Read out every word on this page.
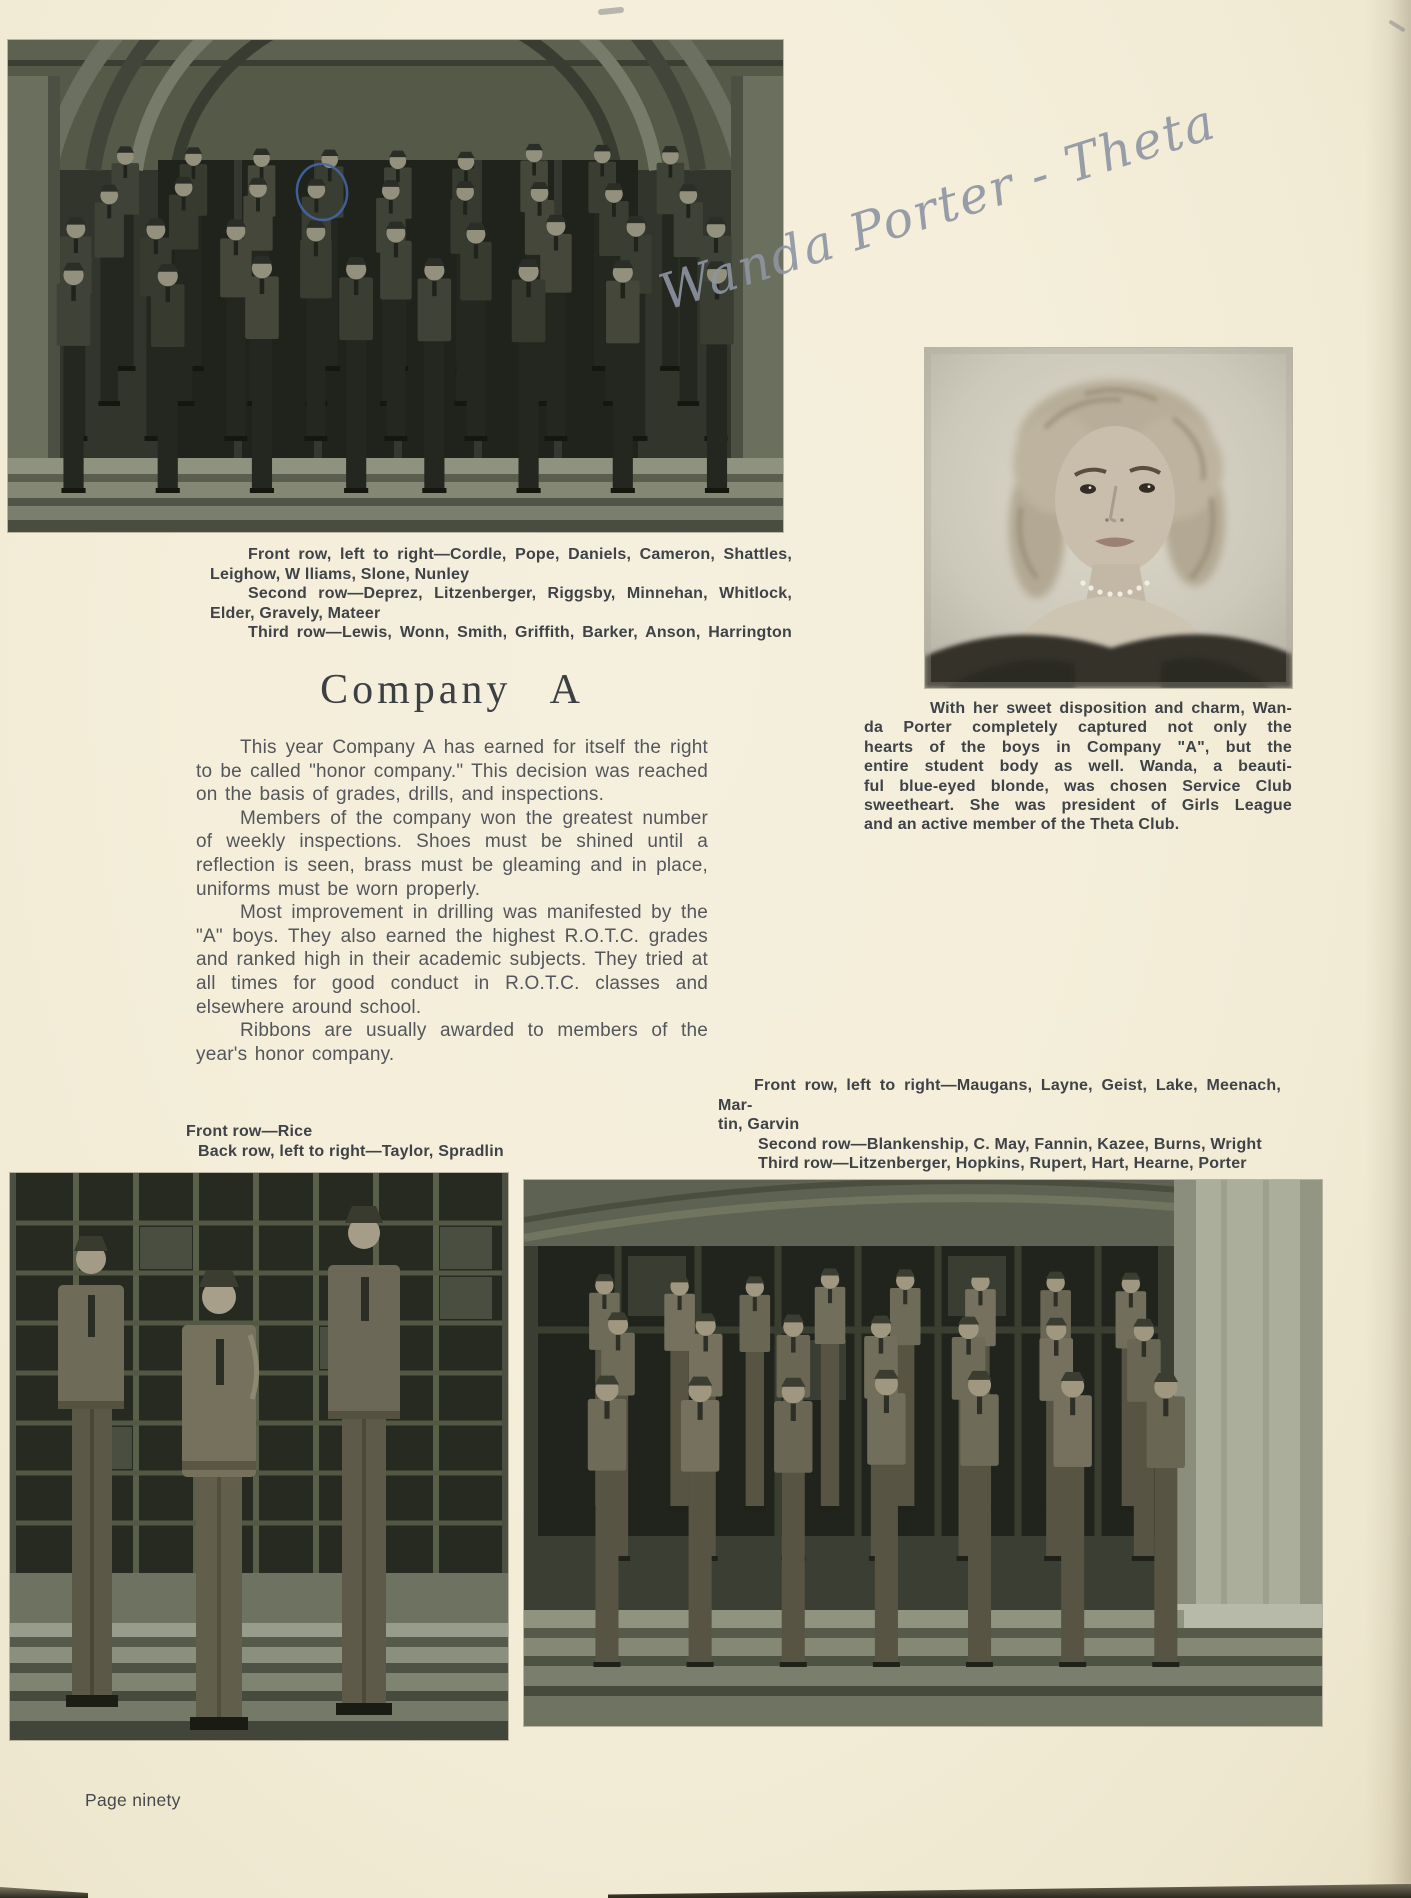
Front row, left to right—Cordle, Pope, Daniels, Cameron, Shattles,
Leighow, W lliams, Slone, Nunley
Second row—Deprez, Litzenberger, Riggsby, Minnehan, Whitlock,
Elder, Gravely, Mateer
Third row—Lewis, Wonn, Smith, Griffith, Barker, Anson, Harrington
Wanda Porter - Theta
Company A

This year Company A has earned for itself the right to be called "honor company." This decision was reached on the basis of grades, drills, and inspections.

Members of the company won the greatest number of weekly inspections. Shoes must be shined until a reflection is seen, brass must be gleaming and in place, uniforms must be worn properly.

Most improvement in drilling was manifested by the "A" boys. They also earned the highest R.O.T.C. grades and ranked high in their academic subjects. They tried at all times for good conduct in R.O.T.C. classes and elsewhere around school.

Ribbons are usually awarded to members of the year's honor company.

With her sweet disposition and charm, Wan-
da Porter completely captured not only the
hearts of the boys in Company "A", but the
entire student body as well. Wanda, a beauti-
ful blue-eyed blonde, was chosen Service Club
sweetheart. She was president of Girls League
and an active member of the Theta Club.
Front row—Rice
Back row, left to right—Taylor, Spradlin
Front row, left to right—Maugans, Layne, Geist, Lake, Meenach, Mar-
tin, Garvin
Second row—Blankenship, C. May, Fannin, Kazee, Burns, Wright
Third row—Litzenberger, Hopkins, Rupert, Hart, Hearne, Porter
Page ninety
